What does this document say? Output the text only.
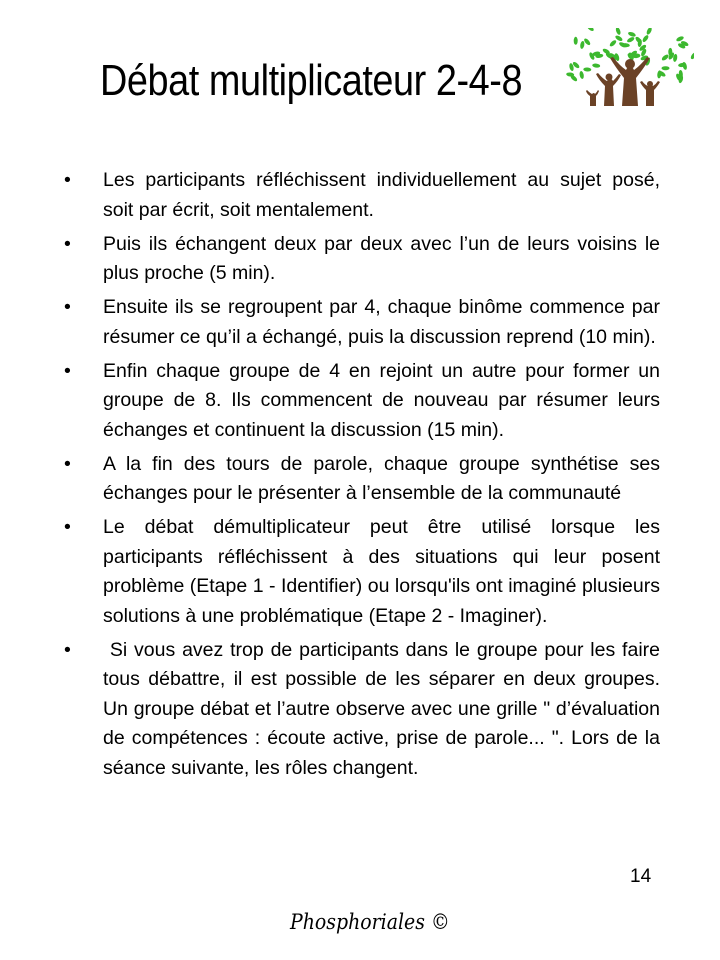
Débat multiplicateur 2-4-8
• Les participants réfléchissent individuellement au sujet posé, soit par écrit, soit mentalement.
• Puis ils échangent deux par deux avec l’un de leurs voisins le plus proche (5 min).
• Ensuite ils se regroupent par 4, chaque binôme commence par résumer ce qu’il a échangé, puis la discussion reprend (10 min).
• Enfin chaque groupe de 4 en rejoint un autre pour former un groupe de 8. Ils commencent de nouveau par résumer leurs échanges et continuent la discussion (15 min).
• A la fin des tours de parole, chaque groupe synthétise ses échanges pour le présenter à l’ensemble de la communauté
• Le débat démultiplicateur peut être utilisé lorsque les participants réfléchissent à des situations qui leur posent problème (Etape 1 - Identifier) ou lorsqu'ils ont imaginé plusieurs solutions à une problématique (Etape 2 - Imaginer).
• Si vous avez trop de participants dans le groupe pour les faire tous débattre, il est possible de les séparer en deux groupes. Un groupe débat et l’autre observe avec une grille " d’évaluation de compétences : écoute active, prise de parole... ". Lors de la séance suivante, les rôles changent.
14
Phosphoriales ©
